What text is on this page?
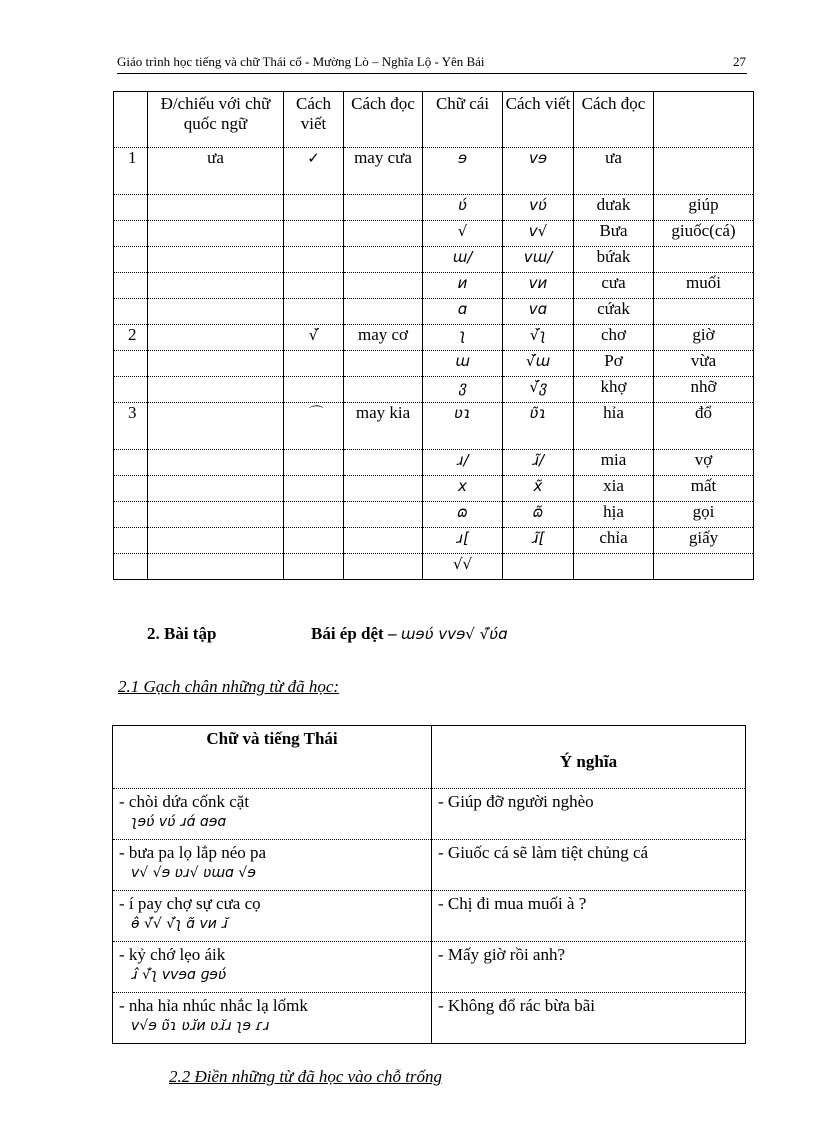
Giáo trình học tiếng và chữ Thái cổ - Mường Lò – Nghĩa Lộ - Yên Bái	27
	Đ/chiếu với chữ quốc ngữ	Cách viết	Cách đọc	Chữ cái	Cách viết	Cách đọc	
1	ưa	✓	may cưa	ɘ	vɘ	ưa	
				ʋ́	vʋ́	dưak	giúp
				√	v√	Bưa	giuốc(cá)
				ɯ/	vɯ/	bứak	
				и	vи	cưa	muối
				ɑ	vɑ	cứak	
2		√̆	may cơ	ʅ	√̆ʅ	chơ	giờ
				ɯ	√̆ɯ	Pơ	vừa
				ვ	√̆ვ	khợ	nhỡ
3		⌒	may kia	ʋɿ	ʋ̃ɿ	hỉa	đổ
				ɹ/	ɹ̃/	mia	vợ
				x	x̃	xia	mất
				ɷ	ɷ̃	hịa	gọi
				ɹ[	ɹ̃[	chỉa	giấy
				√√			
2. Bài tập	Bái ép dệt – ɯɘʋ́ vvɘ√ √̃ʋ́ɑ
2.1 Gạch chân những từ đã học:
Chữ và tiếng Thái	Ý nghĩa
- chòi dứa cốnk cặt
ʅɘʋ́ vʋ́ ɹɑ́ ɑɘɑ	- Giúp đỡ người nghèo
- bưa pa lọ lắp néo pa
v√ √ɘ ʋɹ√ ʋɯɑ √ɘ	- Giuốc cá sẽ làm tiệt chủng cá
- í pay chợ sự cưa cọ
ɵ̂ √̆√ √̆ʅ ɑ̃ vи ɹ̆	- Chị đi mua muối à ?
- kỷ chớ lẹo áik
ɹ̂ √̆ʅ vvɘɑ ɡɘʋ́	- Mấy giờ rồi anh?
- nha hỉa nhúc nhắc lạ lốmk
v√ɘ ʋ̃ɿ ʋɹ̆и ʋɹ̆ɹ ʅɘ ɾɹ	- Không đổ rác bừa bãi
2.2 Điền những từ đã học vào chỗ trống
